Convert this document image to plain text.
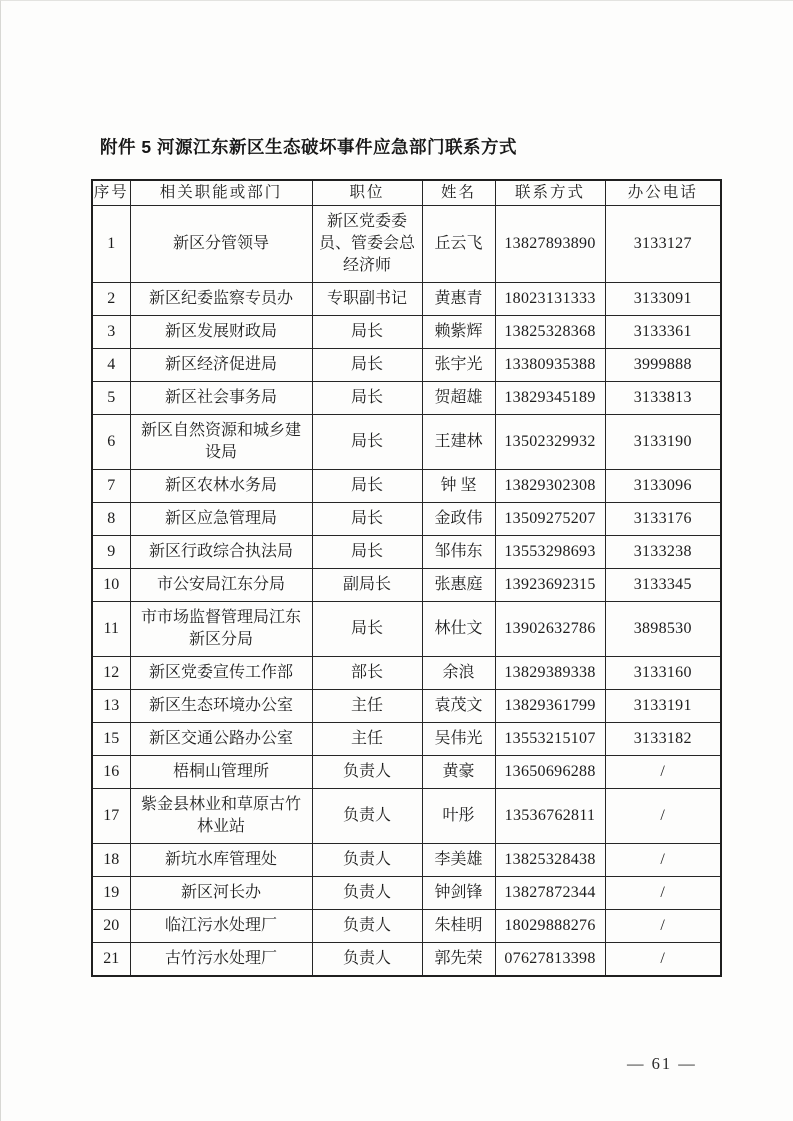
附件 5 河源江东新区生态破坏事件应急部门联系方式
序号	相关职能或部门	职位	姓名	联系方式	办公电话
1	新区分管领导	新区党委委员、管委会总经济师	丘云飞	13827893890	3133127
2	新区纪委监察专员办	专职副书记	黄惠青	18023131333	3133091
3	新区发展财政局	局长	赖紫辉	13825328368	3133361
4	新区经济促进局	局长	张宇光	13380935388	3999888
5	新区社会事务局	局长	贺超雄	13829345189	3133813
6	新区自然资源和城乡建设局	局长	王建林	13502329932	3133190
7	新区农林水务局	局长	钟 坚	13829302308	3133096
8	新区应急管理局	局长	金政伟	13509275207	3133176
9	新区行政综合执法局	局长	邹伟东	13553298693	3133238
10	市公安局江东分局	副局长	张惠庭	13923692315	3133345
11	市市场监督管理局江东新区分局	局长	林仕文	13902632786	3898530
12	新区党委宣传工作部	部长	余浪	13829389338	3133160
13	新区生态环境办公室	主任	袁茂文	13829361799	3133191
15	新区交通公路办公室	主任	吴伟光	13553215107	3133182
16	梧桐山管理所	负责人	黄豪	13650696288	/
17	紫金县林业和草原古竹林业站	负责人	叶彤	13536762811	/
18	新坑水库管理处	负责人	李美雄	13825328438	/
19	新区河长办	负责人	钟剑锋	13827872344	/
20	临江污水处理厂	负责人	朱桂明	18029888276	/
21	古竹污水处理厂	负责人	郭先荣	07627813398	/
— 61 —
